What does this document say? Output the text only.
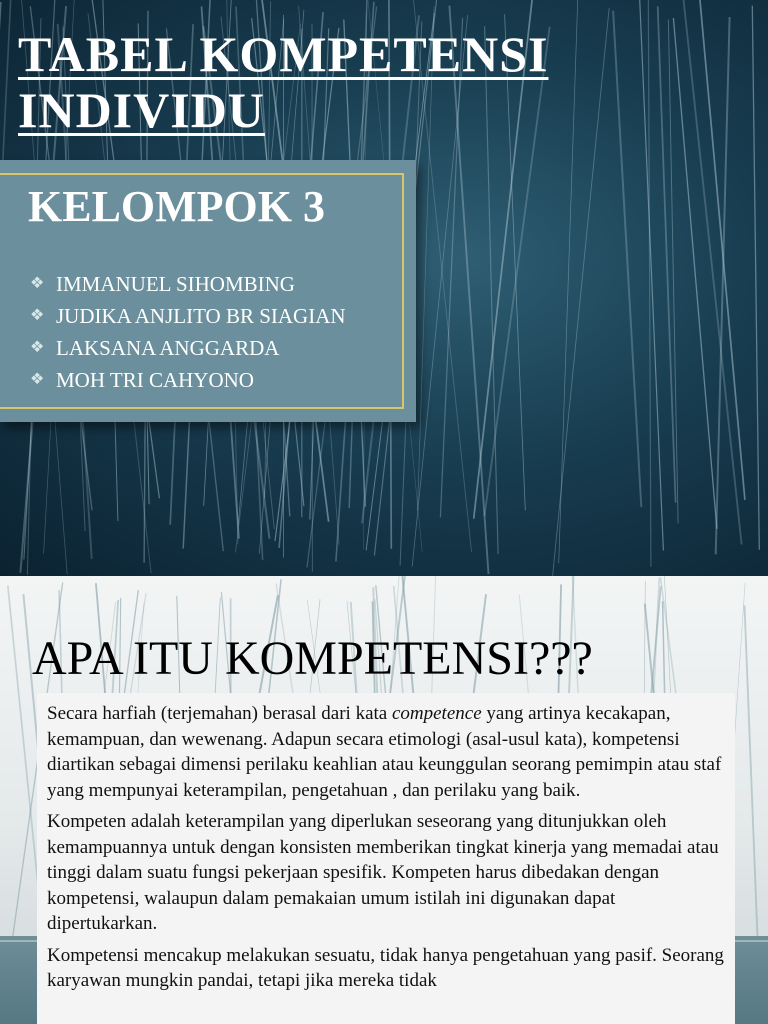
TABEL KOMPETENSI
INDIVIDU
KELOMPOK 3
❖ IMMANUEL SIHOMBING
❖ JUDIKA ANJLITO BR SIAGIAN
❖ LAKSANA ANGGARDA
❖ MOH TRI CAHYONO
APA ITU KOMPETENSI???

Secara harfiah (terjemahan) berasal dari kata competence yang artinya kecakapan, kemampuan, dan wewenang. Adapun secara etimologi (asal-usul kata), kompetensi diartikan sebagai dimensi perilaku keahlian atau keunggulan seorang pemimpin atau staf yang mempunyai keterampilan, pengetahuan , dan perilaku yang baik.

Kompeten adalah keterampilan yang diperlukan seseorang yang ditunjukkan oleh kemampuannya untuk dengan konsisten memberikan tingkat kinerja yang memadai atau tinggi dalam suatu fungsi pekerjaan spesifik. Kompeten harus dibedakan dengan kompetensi, walaupun dalam pemakaian umum istilah ini digunakan dapat dipertukarkan.

Kompetensi mencakup melakukan sesuatu, tidak hanya pengetahuan yang pasif. Seorang karyawan mungkin pandai, tetapi jika mereka tidak
